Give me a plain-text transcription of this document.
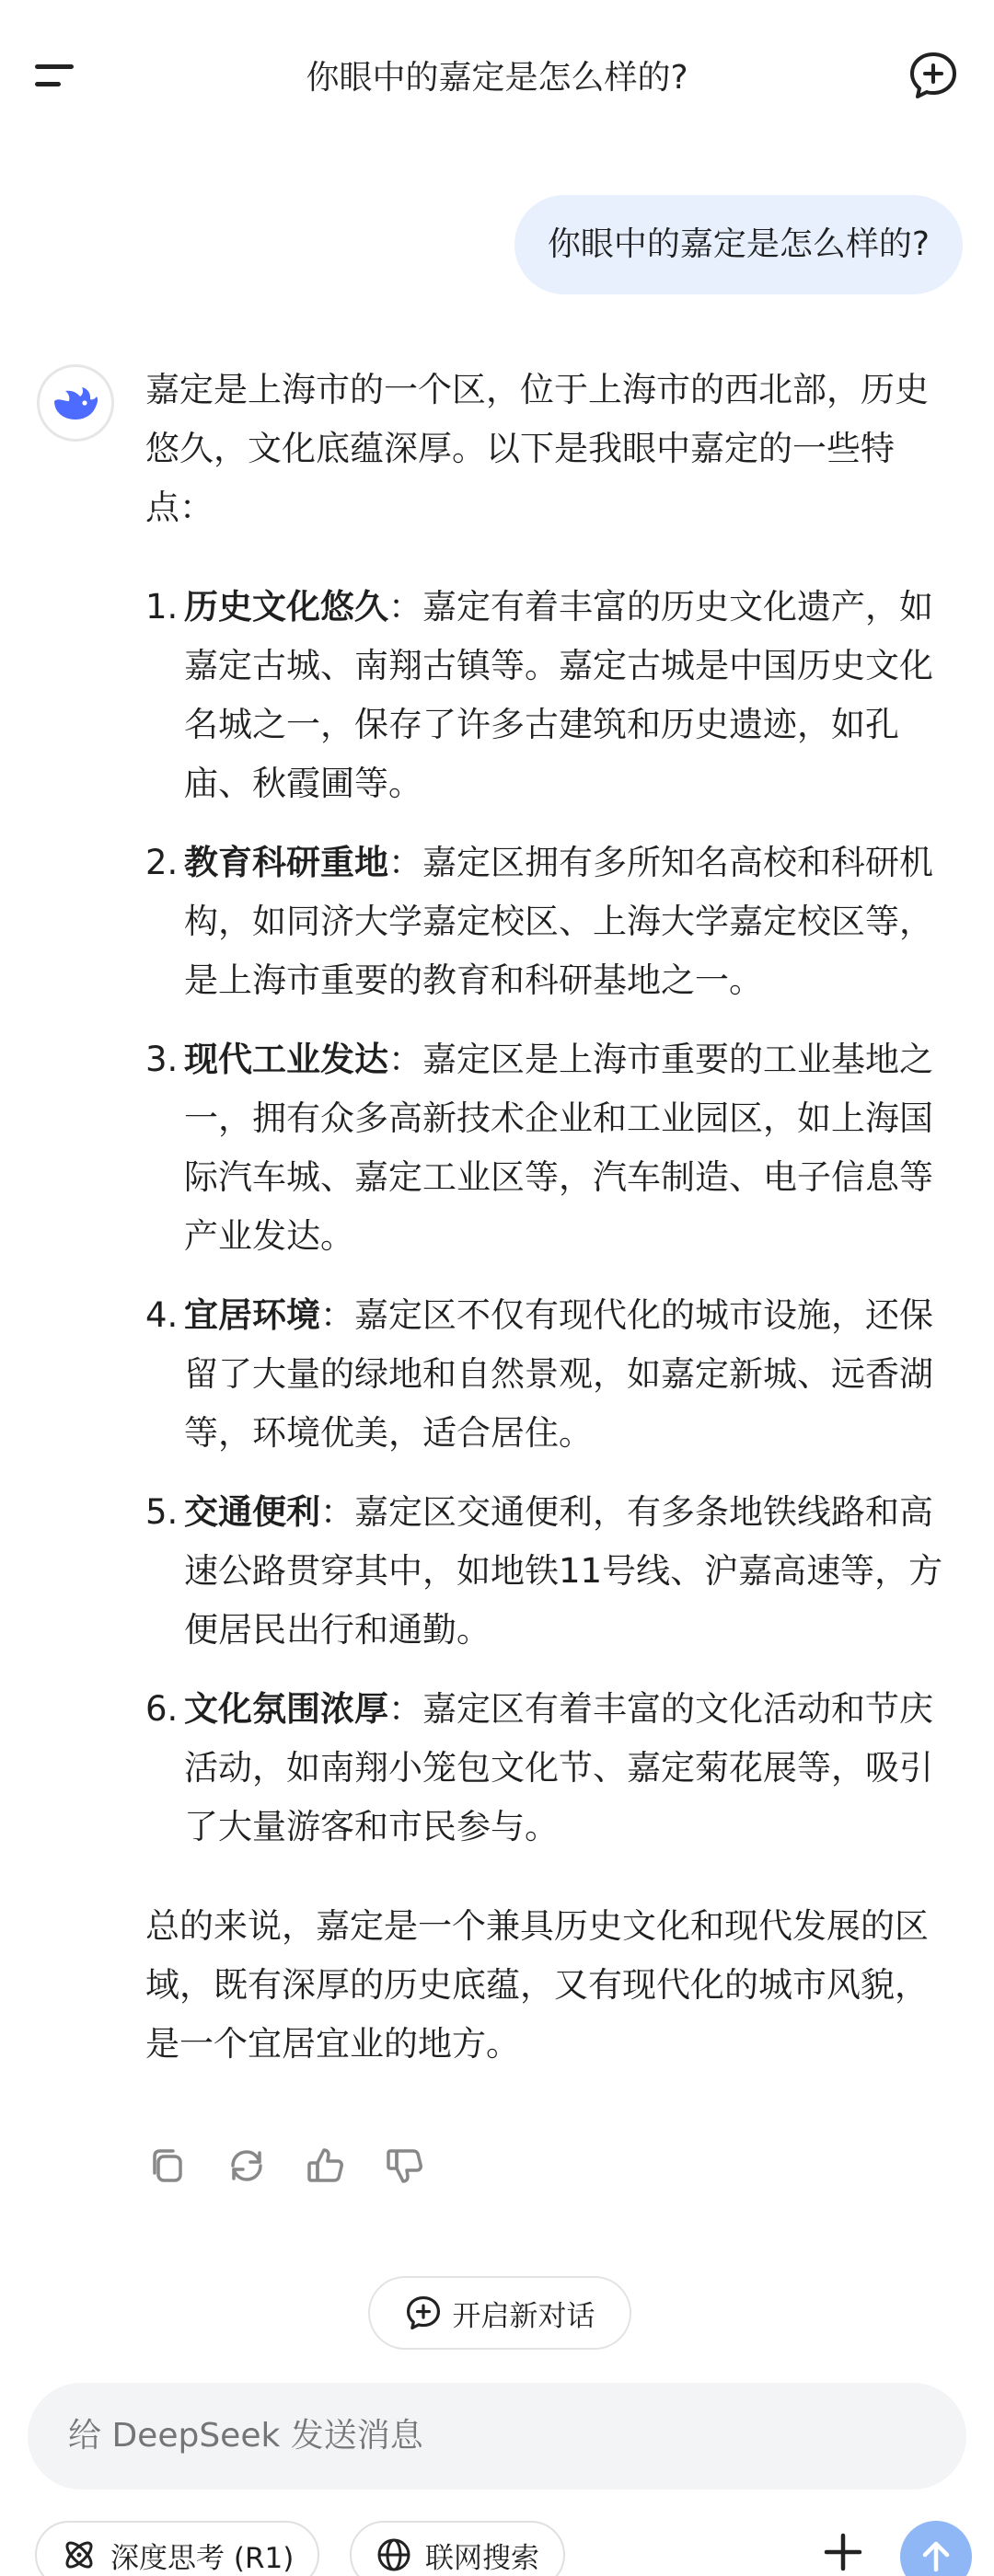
你眼中的嘉定是怎么样的?
你眼中的嘉定是怎么样的?

嘉定是上海市的一个区，位于上海市的西北部，历史悠久，文化底蕴深厚。以下是我眼中嘉定的一些特点：

1. 历史文化悠久：嘉定有着丰富的历史文化遗产，如嘉定古城、南翔古镇等。嘉定古城是中国历史文化名城之一，保存了许多古建筑和历史遗迹，如孔庙、秋霞圃等。
2. 教育科研重地：嘉定区拥有多所知名高校和科研机构，如同济大学嘉定校区、上海大学嘉定校区等，是上海市重要的教育和科研基地之一。
3. 现代工业发达：嘉定区是上海市重要的工业基地之一，拥有众多高新技术企业和工业园区，如上海国际汽车城、嘉定工业区等，汽车制造、电子信息等产业发达。
4. 宜居环境：嘉定区不仅有现代化的城市设施，还保留了大量的绿地和自然景观，如嘉定新城、远香湖等，环境优美，适合居住。
5. 交通便利：嘉定区交通便利，有多条地铁线路和高速公路贯穿其中，如地铁11号线、沪嘉高速等，方便居民出行和通勤。
6. 文化氛围浓厚：嘉定区有着丰富的文化活动和节庆活动，如南翔小笼包文化节、嘉定菊花展等，吸引了大量游客和市民参与。

总的来说，嘉定是一个兼具历史文化和现代发展的区域，既有深厚的历史底蕴，又有现代化的城市风貌，是一个宜居宜业的地方。

开启新对话
给 DeepSeek 发送消息
深度思考 (R1)	联网搜索
